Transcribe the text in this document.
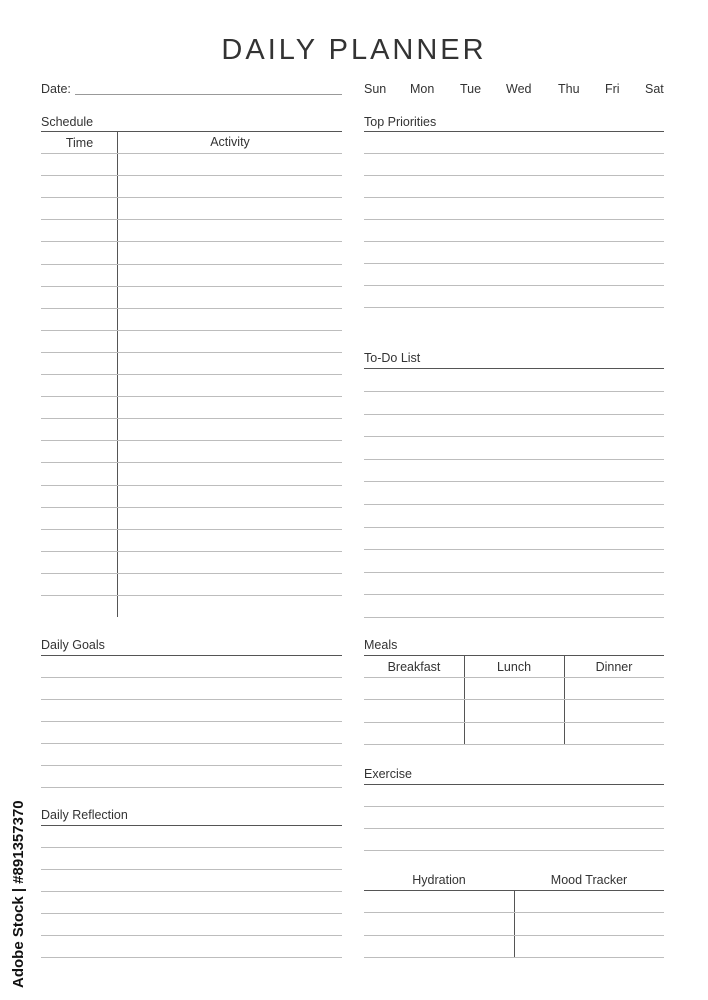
DAILY PLANNER
Date:	Sun Mon Tue Wed Thu Fri Sat
Schedule
Time	Activity
Top Priorities
To-Do List
Daily Goals	Meals
Breakfast	Lunch	Dinner
Exercise
Daily Reflection
Hydration	Mood Tracker
Adobe Stock | #891357370
